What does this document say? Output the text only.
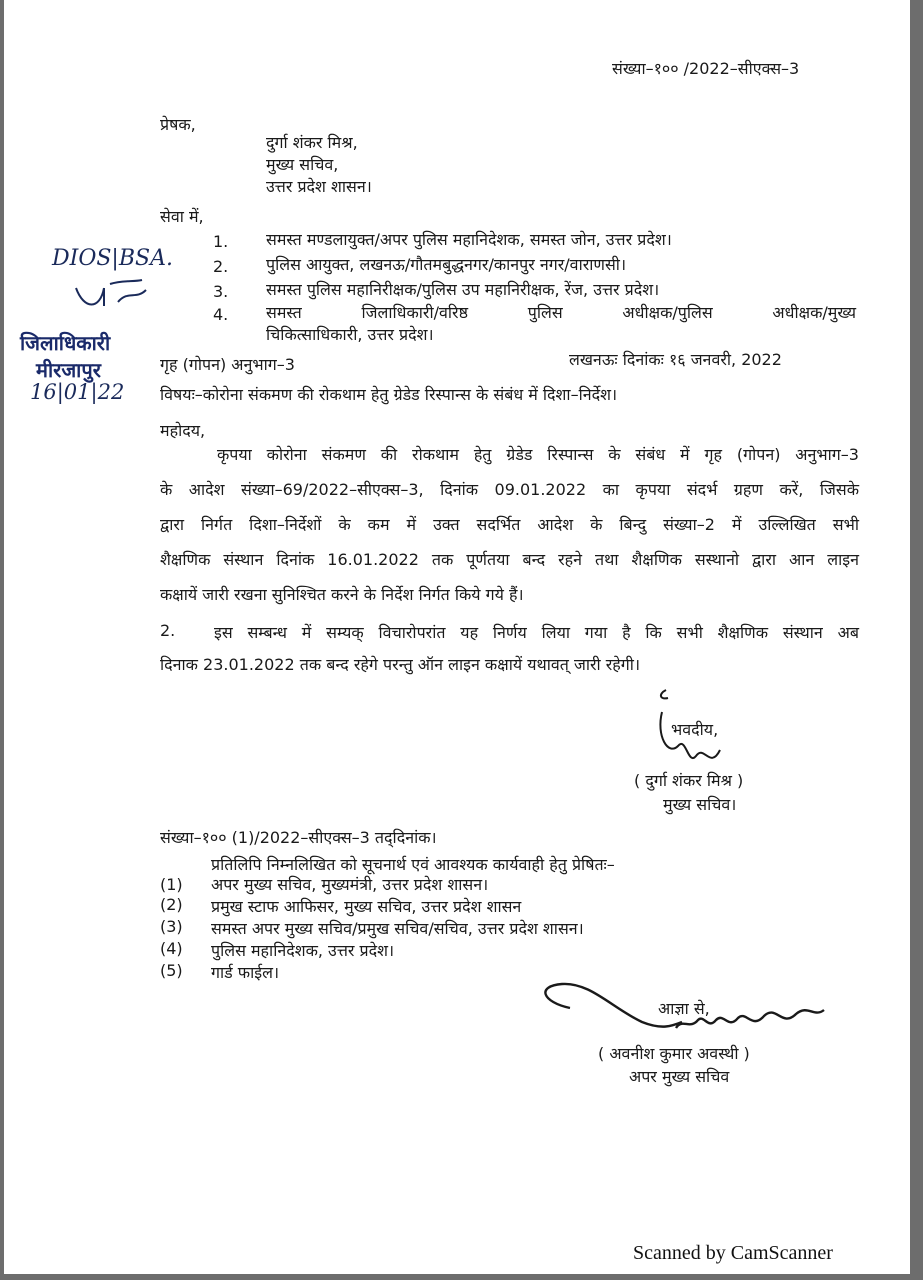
संख्या–१०० /2022–सीएक्स–3
प्रेषक,
दुर्गा शंकर मिश्र,
मुख्य सचिव,
उत्तर प्रदेश शासन।
सेवा में,
1. समस्त मण्डलायुक्त/अपर पुलिस महानिदेशक, समस्त जोन, उत्तर प्रदेश।
2. पुलिस आयुक्त, लखनऊ/गौतमबुद्धनगर/कानपुर नगर/वाराणसी।
3. समस्त पुलिस महानिरीक्षक/पुलिस उप महानिरीक्षक, रेंज, उत्तर प्रदेश।
4. समस्त जिलाधिकारी/वरिष्ठ पुलिस अधीक्षक/पुलिस अधीक्षक/मुख्य
चिकित्साधिकारी, उत्तर प्रदेश।
DIOS|BSA.
जिलाधिकारी
मीरजापुर
16|01|22
गृह (गोपन) अनुभाग–3	लखनऊः दिनांकः १६ जनवरी, 2022
विषयः–कोरोना संकमण की रोकथाम हेतु ग्रेडेड रिस्पान्स के संबंध में दिशा–निर्देश।
महोदय,
कृपया कोरोना संकमण की रोकथाम हेतु ग्रेडेड रिस्पान्स के संबंध में गृह (गोपन) अनुभाग–3
के आदेश संख्या–69/2022–सीएक्स–3, दिनांक 09.01.2022 का कृपया संदर्भ ग्रहण करें, जिसके
द्वारा निर्गत दिशा–निर्देशों के कम में उक्त सदर्भित आदेश के बिन्दु संख्या–2 में उल्लिखित सभी
शैक्षणिक संस्थान दिनांक 16.01.2022 तक पूर्णतया बन्द रहने तथा शैक्षणिक सस्थानो द्वारा आन लाइन
कक्षायें जारी रखना सुनिश्चित करने के निर्देश निर्गत किये गये हैं।
2. इस सम्बन्ध में सम्यक् विचारोपरांत यह निर्णय लिया गया है कि सभी शैक्षणिक संस्थान अब
दिनाक 23.01.2022 तक बन्द रहेगे परन्तु ऑन लाइन कक्षायें यथावत् जारी रहेगी।
भवदीय,
( दुर्गा शंकर मिश्र )
मुख्य सचिव।
संख्या–१०० (1)/2022–सीएक्स–3 तद्‌दिनांक।
प्रतिलिपि निम्नलिखित को सूचनार्थ एवं आवश्यक कार्यवाही हेतु प्रेषितः–
(1) अपर मुख्य सचिव, मुख्यमंत्री, उत्तर प्रदेश शासन।
(2) प्रमुख स्टाफ आफिसर, मुख्य सचिव, उत्तर प्रदेश शासन
(3) समस्त अपर मुख्य सचिव/प्रमुख सचिव/सचिव, उत्तर प्रदेश शासन।
(4) पुलिस महानिदेशक, उत्तर प्रदेश।
(5) गार्ड फाईल।
आज्ञा से,
( अवनीश कुमार अवस्थी )
अपर मुख्य सचिव
Scanned by CamScanner
